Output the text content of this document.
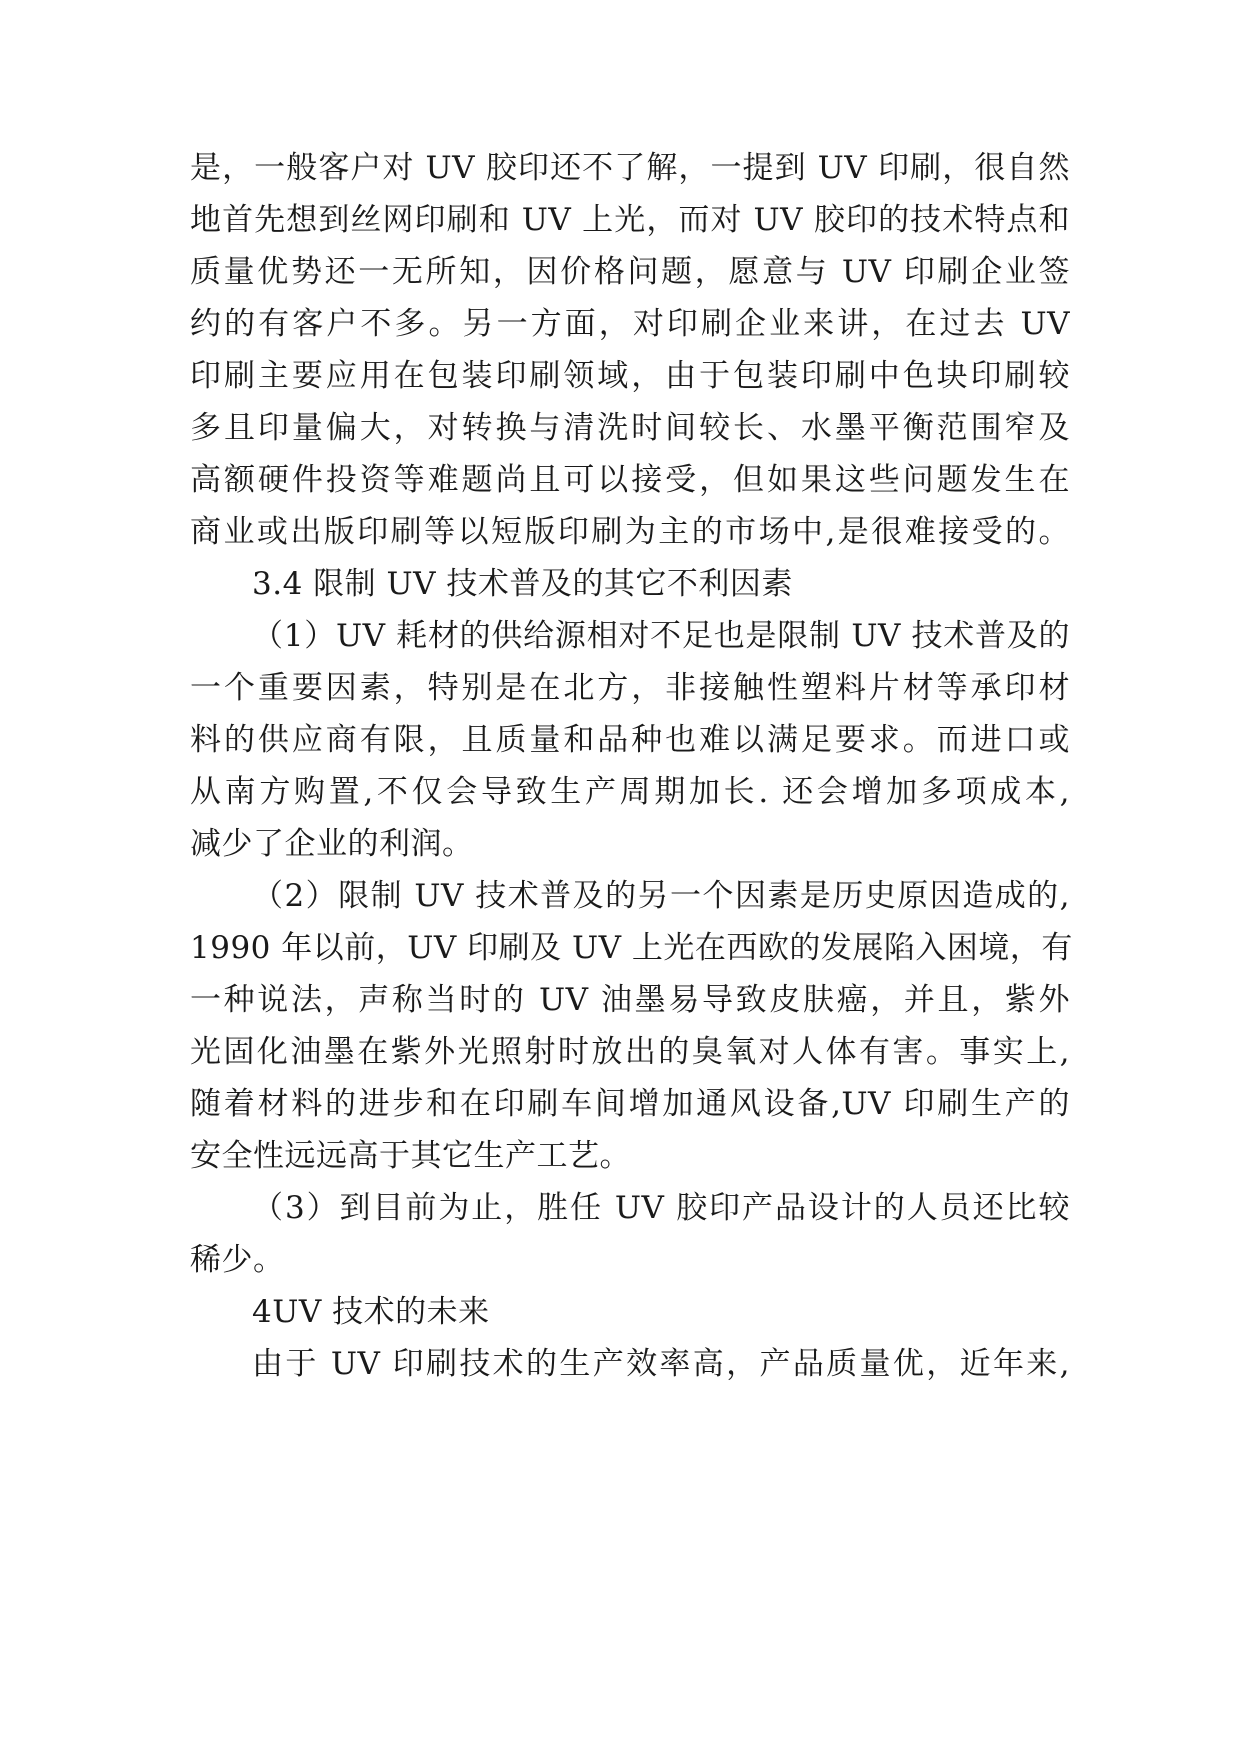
是，一般客户对 UV 胶印还不了解，一提到 UV 印刷，很自然
地首先想到丝网印刷和 UV 上光，而对 UV 胶印的技术特点和
质量优势还一无所知，因价格问题，愿意与 UV 印刷企业签
约的有客户不多。另一方面，对印刷企业来讲，在过去 UV
印刷主要应用在包装印刷领域，由于包装印刷中色块印刷较
多且印量偏大，对转换与清洗时间较长、水墨平衡范围窄及
高额硬件投资等难题尚且可以接受，但如果这些问题发生在
商业或出版印刷等以短版印刷为主的市场中,是很难接受的。
3.4 限制 UV 技术普及的其它不利因素
（1）UV 耗材的供给源相对不足也是限制 UV 技术普及的
一个重要因素，特别是在北方，非接触性塑料片材等承印材
料的供应商有限，且质量和品种也难以满足要求。而进口或
从南方购置,不仅会导致生产周期加长. 还会增加多项成本,
减少了企业的利润。
（2）限制 UV 技术普及的另一个因素是历史原因造成的,
1990 年以前，UV 印刷及 UV 上光在西欧的发展陷入困境，有
一种说法，声称当时的 UV 油墨易导致皮肤癌，并且，紫外
光固化油墨在紫外光照射时放出的臭氧对人体有害。事实上,
随着材料的进步和在印刷车间增加通风设备,UV 印刷生产的
安全性远远高于其它生产工艺。
（3）到目前为止，胜任 UV 胶印产品设计的人员还比较
稀少。
4UV 技术的未来
由于 UV 印刷技术的生产效率高，产品质量优，近年来,
